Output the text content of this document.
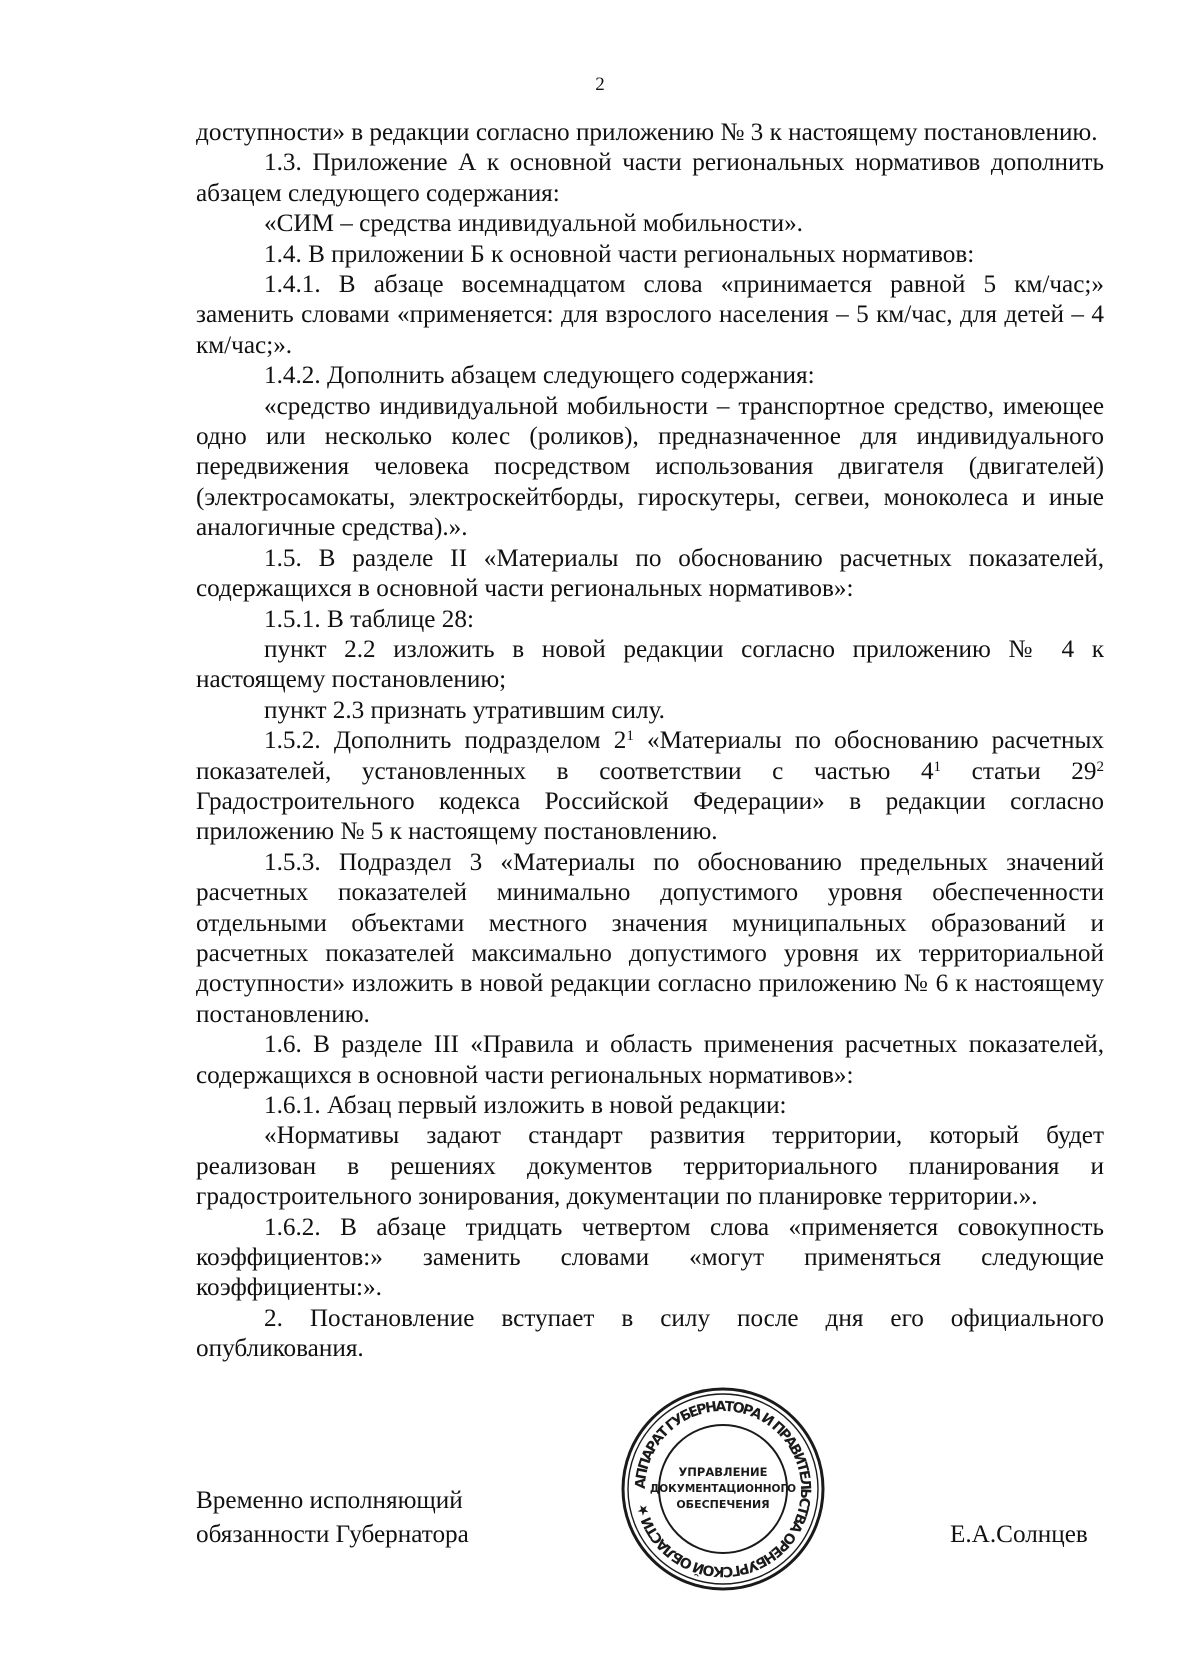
2

доступности» в редакции согласно приложению № 3 к настоящему постановлению.

1.3. Приложение А к основной части региональных нормативов дополнить абзацем следующего содержания:

«СИМ – средства индивидуальной мобильности».

1.4. В приложении Б к основной части региональных нормативов:

1.4.1. В абзаце восемнадцатом слова «принимается равной 5 км/час;» заменить словами «применяется: для взрослого населения – 5 км/час, для детей – 4 км/час;».

1.4.2. Дополнить абзацем следующего содержания:

«средство индивидуальной мобильности – транспортное средство, имеющее одно или несколько колес (роликов), предназначенное для индивидуального передвижения человека посредством использования двигателя (двигателей) (электросамокаты, электроскейтборды, гироскутеры, сегвеи, моноколеса и иные аналогичные средства).».

1.5. В разделе II «Материалы по обоснованию расчетных показателей, содержащихся в основной части региональных нормативов»:

1.5.1. В таблице 28:

пункт 2.2 изложить в новой редакции согласно приложению № 4 к настоящему постановлению;

пункт 2.3 признать утратившим силу.

1.5.2. Дополнить подразделом $2^1$ «Материалы по обоснованию расчетных показателей, установленных в соответствии с частью $4^1$ статьи $29^2$ Градостроительного кодекса Российской Федерации» в редакции согласно приложению № 5 к настоящему постановлению.

1.5.3. Подраздел 3 «Материалы по обоснованию предельных значений расчетных показателей минимально допустимого уровня обеспеченности отдельными объектами местного значения муниципальных образований и расчетных показателей максимально допустимого уровня их территориальной доступности» изложить в новой редакции согласно приложению № 6 к настоящему постановлению.

1.6. В разделе III «Правила и область применения расчетных показателей, содержащихся в основной части региональных нормативов»:

1.6.1. Абзац первый изложить в новой редакции:

«Нормативы задают стандарт развития территории, который будет реализован в решениях документов территориального планирования и градостроительного зонирования, документации по планировке территории.».

1.6.2. В абзаце тридцать четвертом слова «применяется совокупность коэффициентов:» заменить словами «могут применяться следующие коэффициенты:».

2. Постановление вступает в силу после дня его официального опубликования.

Временно исполняющий
обязанности Губернатора
АППАРАТ ГУБЕРНАТОРА И ПРАВИТЕЛЬСТВА ОРЕНБУРГСКОЙ ОБЛАСТИ ★
УПРАВЛЕНИЕ
ДОКУМЕНТАЦИОННОГО
ОБЕСПЕЧЕНИЯ
Е.А.Солнцев
